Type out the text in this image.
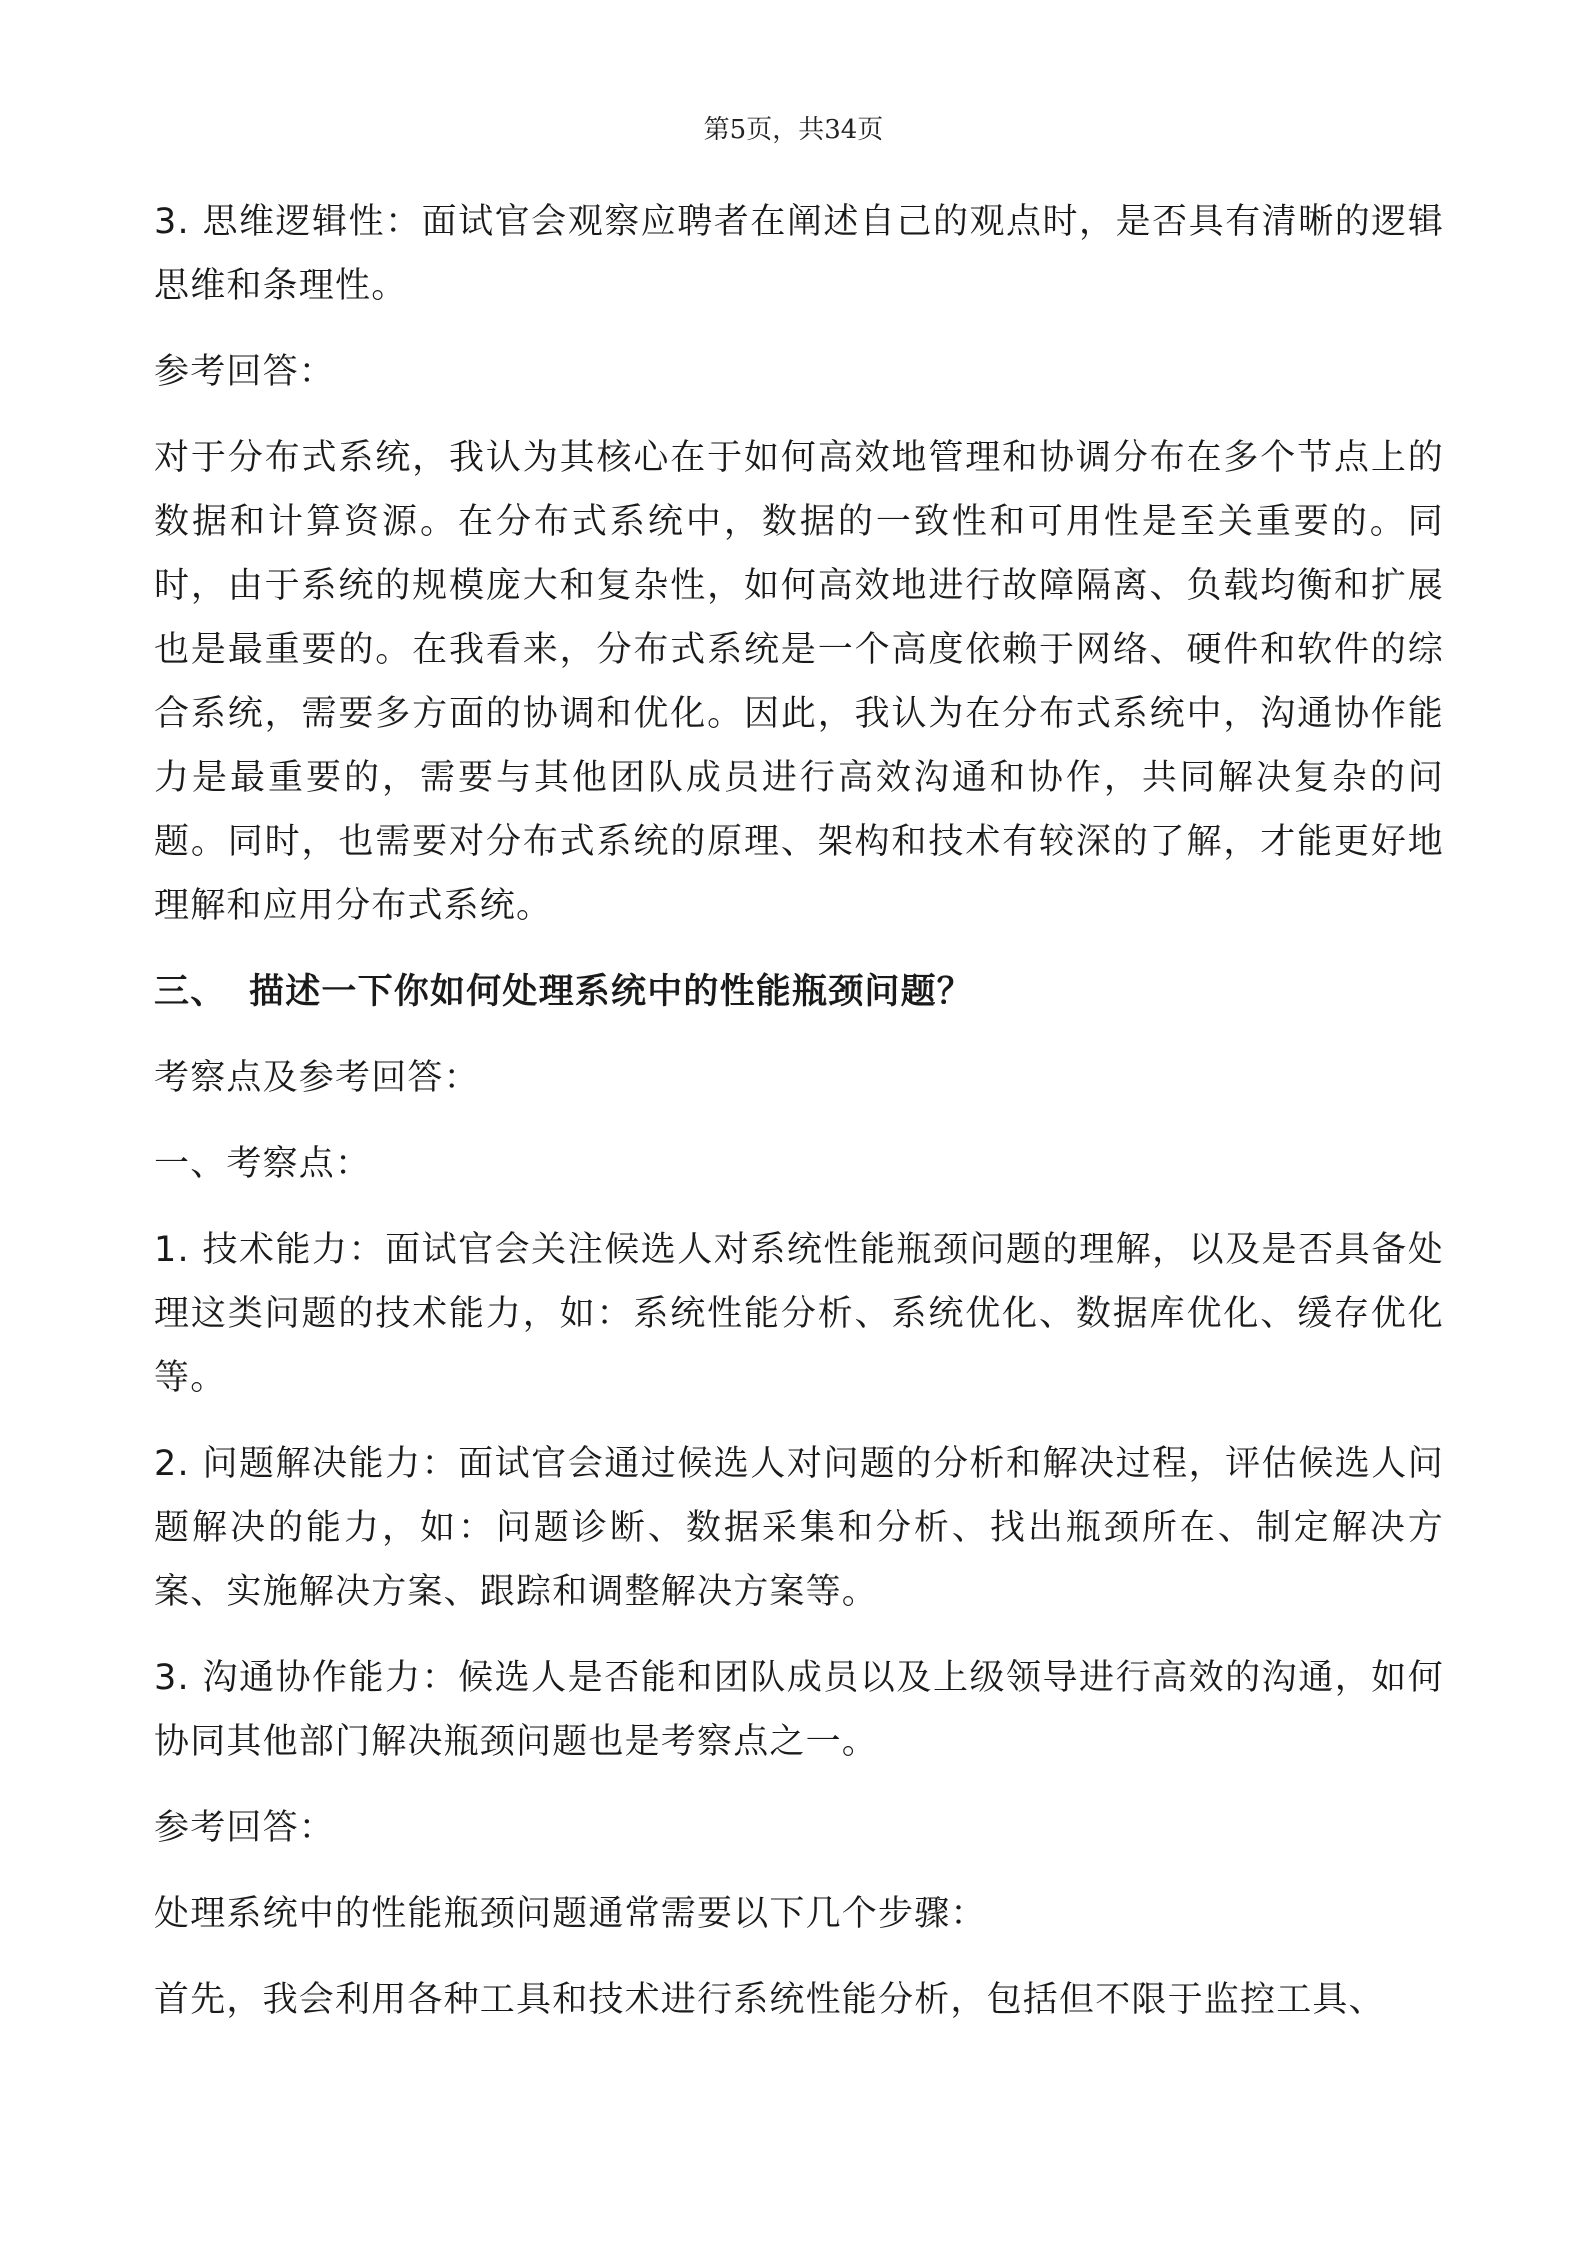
第5页，共34页

3. 思维逻辑性：面试官会观察应聘者在阐述自己的观点时，是否具有清晰的逻辑思维和条理性。

参考回答：

对于分布式系统，我认为其核心在于如何高效地管理和协调分布在多个节点上的数据和计算资源。在分布式系统中，数据的一致性和可用性是至关重要的。同时，由于系统的规模庞大和复杂性，如何高效地进行故障隔离、负载均衡和扩展也是最重要的。在我看来，分布式系统是一个高度依赖于网络、硬件和软件的综合系统，需要多方面的协调和优化。因此，我认为在分布式系统中，沟通协作能力是最重要的，需要与其他团队成员进行高效沟通和协作，共同解决复杂的问题。同时，也需要对分布式系统的原理、架构和技术有较深的了解，才能更好地理解和应用分布式系统。

三、 描述一下你如何处理系统中的性能瓶颈问题？

考察点及参考回答：

一、考察点：

1. 技术能力：面试官会关注候选人对系统性能瓶颈问题的理解，以及是否具备处理这类问题的技术能力，如：系统性能分析、系统优化、数据库优化、缓存优化等。

2. 问题解决能力：面试官会通过候选人对问题的分析和解决过程，评估候选人问题解决的能力，如：问题诊断、数据采集和分析、找出瓶颈所在、制定解决方案、实施解决方案、跟踪和调整解决方案等。

3. 沟通协作能力：候选人是否能和团队成员以及上级领导进行高效的沟通，如何协同其他部门解决瓶颈问题也是考察点之一。

参考回答：

处理系统中的性能瓶颈问题通常需要以下几个步骤：

首先，我会利用各种工具和技术进行系统性能分析，包括但不限于监控工具、
